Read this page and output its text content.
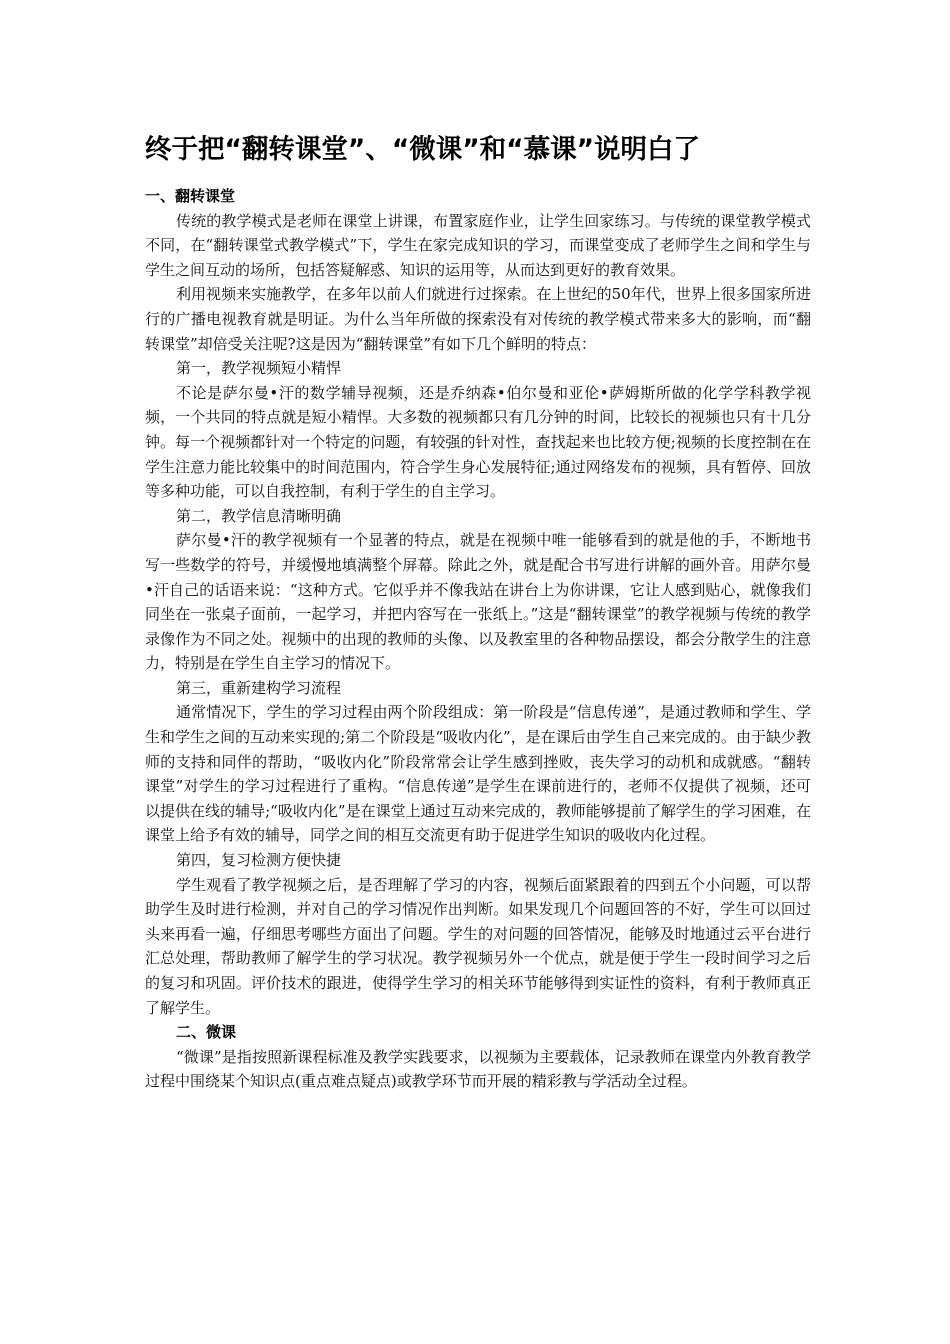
终于把“翻转课堂”、“微课”和“慕课”说明白了
一、翻转课堂

传统的教学模式是老师在课堂上讲课，布置家庭作业，让学生回家练习。与传统的课堂教学模式不同，在“翻转课堂式教学模式”下，学生在家完成知识的学习，而课堂变成了老师学生之间和学生与学生之间互动的场所，包括答疑解惑、知识的运用等，从而达到更好的教育效果。

利用视频来实施教学，在多年以前人们就进行过探索。在上世纪的50年代，世界上很多国家所进行的广播电视教育就是明证。为什么当年所做的探索没有对传统的教学模式带来多大的影响，而“翻转课堂”却倍受关注呢?这是因为“翻转课堂”有如下几个鲜明的特点：

第一，教学视频短小精悍

不论是萨尔曼•汗的数学辅导视频，还是乔纳森•伯尔曼和亚伦•萨姆斯所做的化学学科教学视频，一个共同的特点就是短小精悍。大多数的视频都只有几分钟的时间，比较长的视频也只有十几分钟。每一个视频都针对一个特定的问题，有较强的针对性，查找起来也比较方便;视频的长度控制在在学生注意力能比较集中的时间范围内，符合学生身心发展特征;通过网络发布的视频，具有暂停、回放等多种功能，可以自我控制，有利于学生的自主学习。

第二，教学信息清晰明确

萨尔曼•汗的教学视频有一个显著的特点，就是在视频中唯一能够看到的就是他的手，不断地书写一些数学的符号，并缓慢地填满整个屏幕。除此之外，就是配合书写进行讲解的画外音。用萨尔曼•汗自己的话语来说：“这种方式。它似乎并不像我站在讲台上为你讲课，它让人感到贴心，就像我们同坐在一张桌子面前，一起学习，并把内容写在一张纸上。”这是“翻转课堂”的教学视频与传统的教学录像作为不同之处。视频中的出现的教师的头像、以及教室里的各种物品摆设，都会分散学生的注意力，特别是在学生自主学习的情况下。

第三，重新建构学习流程

通常情况下，学生的学习过程由两个阶段组成：第一阶段是“信息传递”，是通过教师和学生、学生和学生之间的互动来实现的;第二个阶段是“吸收内化”，是在课后由学生自己来完成的。由于缺少教师的支持和同伴的帮助，“吸收内化”阶段常常会让学生感到挫败，丧失学习的动机和成就感。“翻转课堂”对学生的学习过程进行了重构。“信息传递”是学生在课前进行的，老师不仅提供了视频，还可以提供在线的辅导;“吸收内化”是在课堂上通过互动来完成的，教师能够提前了解学生的学习困难，在课堂上给予有效的辅导，同学之间的相互交流更有助于促进学生知识的吸收内化过程。

第四，复习检测方便快捷

学生观看了教学视频之后，是否理解了学习的内容，视频后面紧跟着的四到五个小问题，可以帮助学生及时进行检测，并对自己的学习情况作出判断。如果发现几个问题回答的不好，学生可以回过头来再看一遍，仔细思考哪些方面出了问题。学生的对问题的回答情况，能够及时地通过云平台进行汇总处理，帮助教师了解学生的学习状况。教学视频另外一个优点，就是便于学生一段时间学习之后的复习和巩固。评价技术的跟进，使得学生学习的相关环节能够得到实证性的资料，有利于教师真正了解学生。

二、微课

“微课”是指按照新课程标准及教学实践要求，以视频为主要载体，记录教师在课堂内外教育教学过程中围绕某个知识点(重点难点疑点)或教学环节而开展的精彩教与学活动全过程。
